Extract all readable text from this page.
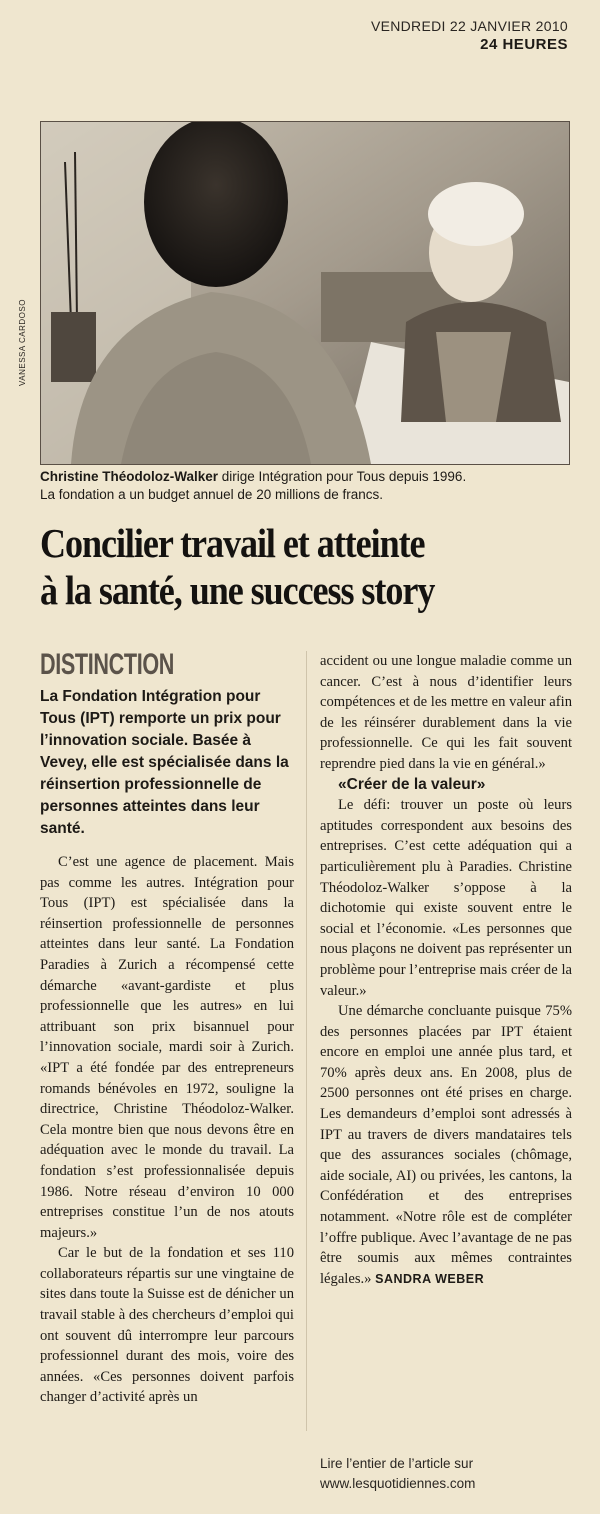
VENDREDI 22 JANVIER 2010
24 HEURES
VANESSA CARDOSO
Christine Théodoloz-Walker dirige Intégration pour Tous depuis 1996.
La fondation a un budget annuel de 20 millions de francs.
Concilier travail et atteinte
à la santé, une success story
DISTINCTION
La Fondation Intégration pour Tous (IPT) remporte un prix pour l’innovation sociale. Basée à Vevey, elle est spécialisée dans la réinsertion professionnelle de personnes atteintes dans leur santé.

C’est une agence de placement. Mais pas comme les autres. Intégration pour Tous (IPT) est spécialisée dans la réinsertion professionnelle de personnes atteintes dans leur santé. La Fondation Paradies à Zurich a récompensé cette démarche «avant-gardiste et plus professionnelle que les autres» en lui attribuant son prix bisannuel pour l’innovation sociale, mardi soir à Zurich. «IPT a été fondée par des entrepreneurs romands bénévoles en 1972, souligne la directrice, Christine Théodoloz-Walker. Cela montre bien que nous devons être en adéquation avec le monde du travail. La fondation s’est professionnalisée depuis 1986. Notre réseau d’environ 10 000 entreprises constitue l’un de nos atouts majeurs.»

Car le but de la fondation et ses 110 collaborateurs répartis sur une vingtaine de sites dans toute la Suisse est de dénicher un travail stable à des chercheurs d’emploi qui ont souvent dû interrompre leur parcours professionnel durant des mois, voire des années. «Ces personnes doivent parfois changer d’activité après un

accident ou une longue maladie comme un cancer. C’est à nous d’identifier leurs compétences et de les mettre en valeur afin de les réinsérer durablement dans la vie professionnelle. Ce qui les fait souvent reprendre pied dans la vie en général.»

«Créer de la valeur»

Le défi: trouver un poste où leurs aptitudes correspondent aux besoins des entreprises. C’est cette adéquation qui a particulièrement plu à Paradies. Christine Théodoloz-Walker s’oppose à la dichotomie qui existe souvent entre le social et l’économie. «Les personnes que nous plaçons ne doivent pas représenter un problème pour l’entreprise mais créer de la valeur.»

Une démarche concluante puisque 75% des personnes placées par IPT étaient encore en emploi une année plus tard, et 70% après deux ans. En 2008, plus de 2500 personnes ont été prises en charge. Les demandeurs d’emploi sont adressés à IPT au travers de divers mandataires tels que des assurances sociales (chômage, aide sociale, AI) ou privées, les cantons, la Confédération et des entreprises notamment. «Notre rôle est de compléter l’offre publique. Avec l’avantage de ne pas être soumis aux mêmes contraintes légales.» SANDRA WEBER

Lire l’entier de l’article sur
www.lesquotidiennes.com
